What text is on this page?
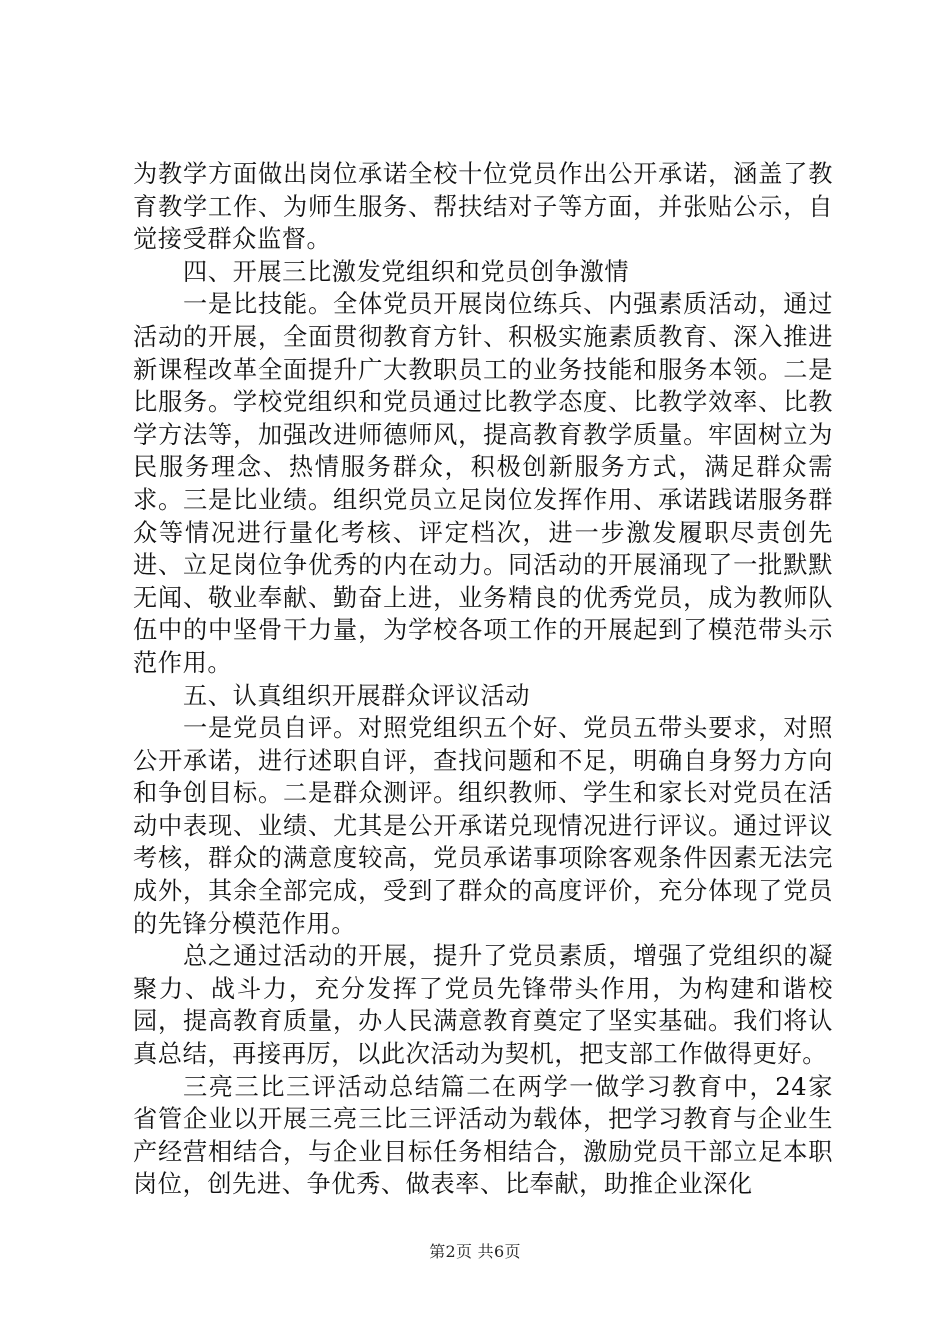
为教学方面做出岗位承诺全校十位党员作出公开承诺，涵盖了教育教学工作、为师生服务、帮扶结对子等方面，并张贴公示，自觉接受群众监督。

四、开展三比激发党组织和党员创争激情

一是比技能。全体党员开展岗位练兵、内强素质活动，通过活动的开展，全面贯彻教育方针、积极实施素质教育、深入推进新课程改革全面提升广大教职员工的业务技能和服务本领。二是比服务。学校党组织和党员通过比教学态度、比教学效率、比教学方法等，加强改进师德师风，提高教育教学质量。牢固树立为民服务理念、热情服务群众，积极创新服务方式，满足群众需求。三是比业绩。组织党员立足岗位发挥作用、承诺践诺服务群众等情况进行量化考核、评定档次，进一步激发履职尽责创先进、立足岗位争优秀的内在动力。同活动的开展涌现了一批默默无闻、敬业奉献、勤奋上进，业务精良的优秀党员，成为教师队伍中的中坚骨干力量，为学校各项工作的开展起到了模范带头示范作用。

五、认真组织开展群众评议活动

一是党员自评。对照党组织五个好、党员五带头要求，对照公开承诺，进行述职自评，查找问题和不足，明确自身努力方向和争创目标。二是群众测评。组织教师、学生和家长对党员在活动中表现、业绩、尤其是公开承诺兑现情况进行评议。通过评议考核，群众的满意度较高，党员承诺事项除客观条件因素无法完成外，其余全部完成，受到了群众的高度评价，充分体现了党员的先锋分模范作用。

总之通过活动的开展，提升了党员素质，增强了党组织的凝聚力、战斗力，充分发挥了党员先锋带头作用，为构建和谐校园，提高教育质量，办人民满意教育奠定了坚实基础。我们将认真总结，再接再厉，以此次活动为契机，把支部工作做得更好。

三亮三比三评活动总结篇二在两学一做学习教育中，24家省管企业以开展三亮三比三评活动为载体，把学习教育与企业生产经营相结合，与企业目标任务相结合，激励党员干部立足本职岗位，创先进、争优秀、做表率、比奉献，助推企业深化

第2页 共6页
